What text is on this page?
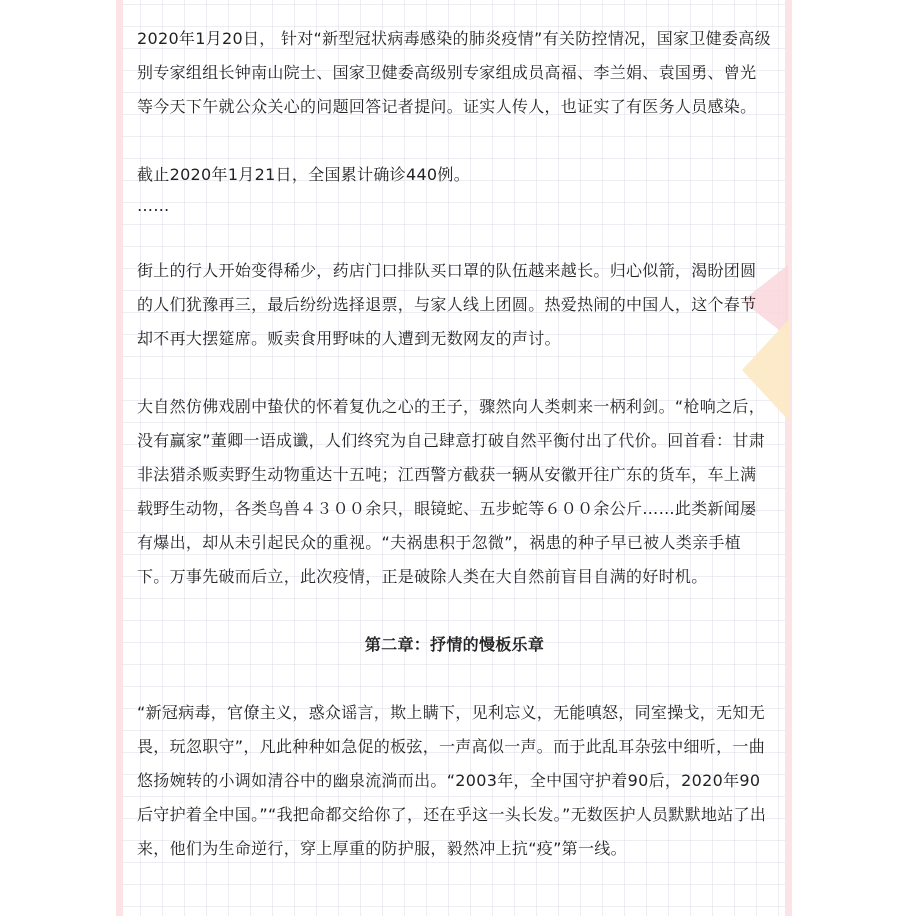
2020年1月20日， 针对“新型冠状病毒感染的肺炎疫情”有关防控情况，国家卫健委高级别专家组组长钟南山院士、国家卫健委高级别专家组成员高福、李兰娟、袁国勇、曾光等今天下午就公众关心的问题回答记者提问。证实人传人，也证实了有医务人员感染。

截止2020年1月21日，全国累计确诊440例。

……

街上的行人开始变得稀少，药店门口排队买口罩的队伍越来越长。归心似箭，渴盼团圆的人们犹豫再三，最后纷纷选择退票，与家人线上团圆。热爱热闹的中国人，这个春节却不再大摆筵席。贩卖食用野味的人遭到无数网友的声讨。

大自然仿佛戏剧中蛰伏的怀着复仇之心的王子，骤然向人类刺来一柄利剑。“枪响之后，没有赢家”董卿一语成谶，人们终究为自己肆意打破自然平衡付出了代价。回首看：甘肃非法猎杀贩卖野生动物重达十五吨；江西警方截获一辆从安徽开往广东的货车，车上满载野生动物，各类鸟兽４３００余只，眼镜蛇、五步蛇等６００余公斤……此类新闻屡有爆出，却从未引起民众的重视。“夫祸患积于忽微”，祸患的种子早已被人类亲手植下。万事先破而后立，此次疫情，正是破除人类在大自然前盲目自满的好时机。

第二章：抒情的慢板乐章

“新冠病毒，官僚主义，惑众谣言，欺上瞒下，见利忘义，无能嗔怒，同室操戈，无知无畏，玩忽职守”，凡此种种如急促的板弦，一声高似一声。而于此乱耳杂弦中细听，一曲悠扬婉转的小调如清谷中的幽泉流淌而出。“2003年，全中国守护着90后，2020年90后守护着全中国。”“我把命都交给你了，还在乎这一头长发。”无数医护人员默默地站了出来，他们为生命逆行，穿上厚重的防护服，毅然冲上抗“疫”第一线。
